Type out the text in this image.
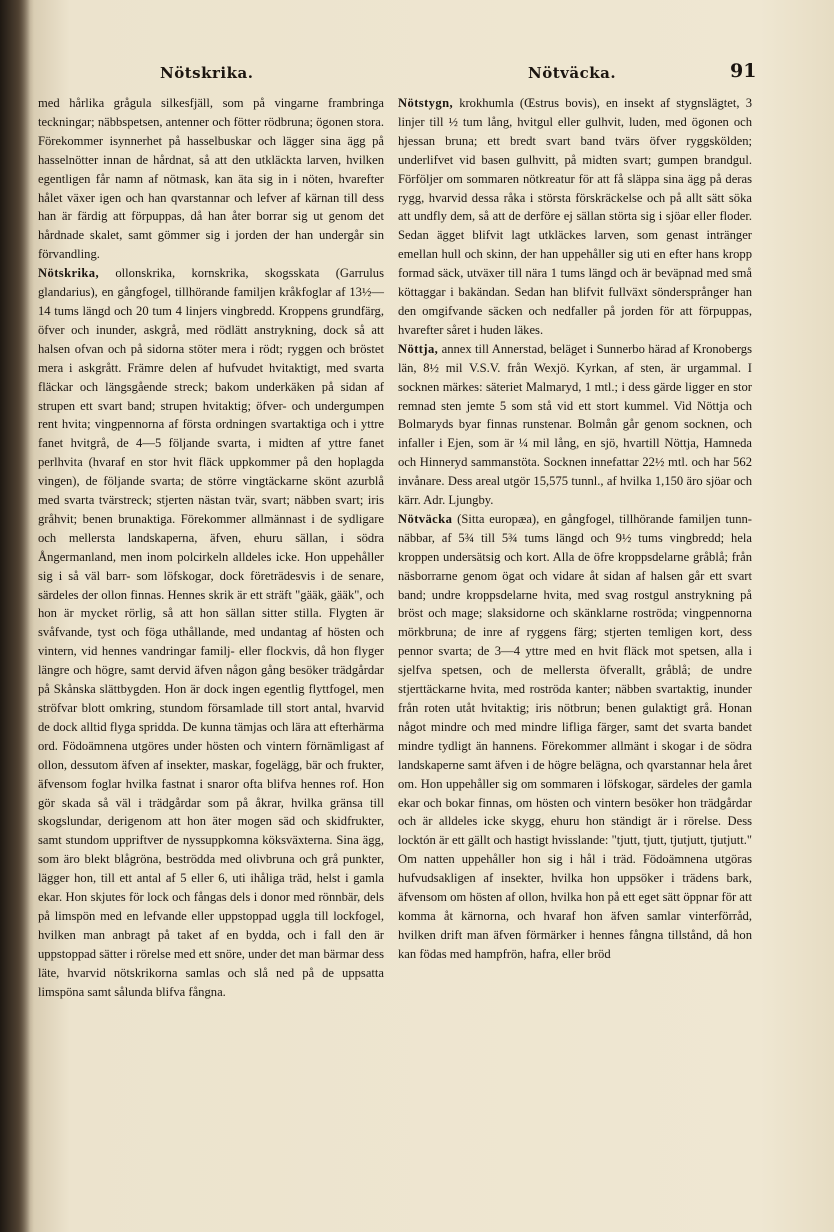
Nötskrika.	Nötväcka.	91

med hårlika grågula silkesfjäll, som på vingarne frambringa teckningar; näbbspetsen, antenner och fötter rödbruna; ögonen stora. Förekommer isynnerhet på hasselbuskar och lägger sina ägg på hasselnötter innan de hårdnat, så att den utkläckta larven, hvilken egentligen får namn af nötmask, kan äta sig in i nöten, hvarefter hålet växer igen och han qvarstannar och lefver af kärnan till dess han är färdig att förpuppas, då han åter borrar sig ut genom det hårdnade skalet, samt gömmer sig i jorden der han undergår sin förvandling.

Nötskrika, ollonskrika, kornskrika, skogsskata (Garrulus glandarius), en gångfogel, tillhörande familjen kråkfoglar af 13½—14 tums längd och 20 tum 4 linjers vingbredd. Kroppens grundfärg, öfver och inunder, askgrå, med rödlätt anstrykning, dock så att halsen ofvan och på sidorna stöter mera i rödt; ryggen och bröstet mera i askgrått. Främre delen af hufvudet hvitaktigt, med svarta fläckar och längsgående streck; bakom underkäken på sidan af strupen ett svart band; strupen hvitaktig; öfver- och undergumpen rent hvita; vingpennorna af första ordningen svartaktiga och i yttre fanet hvitgrå, de 4—5 följande svarta, i midten af yttre fanet perlhvita (hvaraf en stor hvit fläck uppkommer på den hoplagda vingen), de följande svarta; de större vingtäckarne skönt azurblå med svarta tvärstreck; stjerten nästan tvär, svart; näbben svart; iris gråhvit; benen brunaktiga. Förekommer allmännast i de sydligare och mellersta landskaperna, äfven, ehuru sällan, i södra Ångermanland, men inom polcirkeln alldeles icke. Hon uppehåller sig i så väl barr- som löfskogar, dock företrädesvis i de senare, särdeles der ollon finnas. Hennes skrik är ett sträft "gääk, gääk", och hon är mycket rörlig, så att hon sällan sitter stilla. Flygten är svåfvande, tyst och föga uthållande, med undantag af hösten och vintern, vid hennes vandringar familj- eller flockvis, då hon flyger längre och högre, samt dervid äfven någon gång besöker trädgårdar på Skånska slättbygden. Hon är dock ingen egentlig flyttfogel, men ströfvar blott omkring, stundom församlade till stort antal, hvarvid de dock alltid flyga spridda. De kunna tämjas och lära att efterhärma ord. Födoämnena utgöres under hösten och vintern förnämligast af ollon, dessutom äfven af insekter, maskar, fogelägg, bär och frukter, äfvensom foglar hvilka fastnat i snaror ofta blifva hennes rof. Hon gör skada så väl i trädgårdar som på åkrar, hvilka gränsa till skogslundar, derigenom att hon äter mogen säd och skidfrukter, samt stundom uppriftver de nyssuppkomna köksväxterna. Sina ägg, som äro blekt blågröna, beströdda med olivbruna och grå punkter, lägger hon, till ett antal af 5 eller 6, uti ihåliga träd, helst i gamla ekar. Hon skjutes för lock och fångas dels i donor med rönnbär, dels på limspön med en lefvande eller uppstoppad uggla till lockfogel, hvilken man anbragt på taket af en bydda, och i fall den är uppstoppad sätter i rörelse med ett snöre, under det man bärmar dess läte, hvarvid nötskrikorna samlas och slå ned på de uppsatta limspöna samt sålunda blifva fångna.

Nötstygn, krokhumla (Œstrus bovis), en insekt af stygnslägtet, 3 linjer till ½ tum lång, hvitgul eller gulhvit, luden, med ögonen och hjessan bruna; ett bredt svart band tvärs öfver ryggskölden; underlifvet vid basen gulhvitt, på midten svart; gumpen brandgul. Förföljer om sommaren nötkreatur för att få släppa sina ägg på deras rygg, hvarvid dessa råka i största förskräckelse och på allt sätt söka att undfly dem, så att de derföre ej sällan störta sig i sjöar eller floder. Sedan ägget blifvit lagt utkläckes larven, som genast intränger emellan hull och skinn, der han uppehåller sig uti en efter hans kropp formad säck, utväxer till nära 1 tums längd och är beväpnad med små köttaggar i bakändan. Sedan han blifvit fullväxt söndersprånger han den omgifvande säcken och nedfaller på jorden för att förpuppas, hvarefter såret i huden läkes.

Nöttja, annex till Annerstad, beläget i Sunnerbo härad af Kronobergs län, 8½ mil V.S.V. från Wexjö. Kyrkan, af sten, är urgammal. I socknen märkes: säteriet Malmaryd, 1 mtl.; i dess gärde ligger en stor remnad sten jemte 5 som stå vid ett stort kummel. Vid Nöttja och Bolmaryds byar finnas runstenar. Bolmån går genom socknen, och infaller i Ejen, som är ¼ mil lång, en sjö, hvartill Nöttja, Hamneda och Hinneryd sammanstöta. Socknen innefattar 22½ mtl. och har 562 invånare. Dess areal utgör 15,575 tunnl., af hvilka 1,150 äro sjöar och kärr. Adr. Ljungby.

Nötväcka (Sitta europæa), en gångfogel, tillhörande familjen tunn-näbbar, af 5¾ till 5¾ tums längd och 9½ tums vingbredd; hela kroppen undersätsig och kort. Alla de öfre kroppsdelarne gråblå; från näsborrarne genom ögat och vidare åt sidan af halsen går ett svart band; undre kroppsdelarne hvita, med svag rostgul anstrykning på bröst och mage; slaksidorne och skänklarne roströda; vingpennorna mörkbruna; de inre af ryggens färg; stjerten temligen kort, dess pennor svarta; de 3—4 yttre med en hvit fläck mot spetsen, alla i sjelfva spetsen, och de mellersta öfverallt, gråblå; de undre stjerttäckarne hvita, med roströda kanter; näbben svartaktig, inunder från roten utåt hvitaktig; iris nötbrun; benen gulaktigt grå. Honan något mindre och med mindre lifliga färger, samt det svarta bandet mindre tydligt än hannens. Förekommer allmänt i skogar i de södra landskaperne samt äfven i de högre belägna, och qvarstannar hela året om. Hon uppehåller sig om sommaren i löfskogar, särdeles der gamla ekar och bokar finnas, om hösten och vintern besöker hon trädgårdar och är alldeles icke skygg, ehuru hon ständigt är i rörelse. Dess locktón är ett gällt och hastigt hvisslande: "tjutt, tjutt, tjutjutt, tjutjutt." Om natten uppehåller hon sig i hål i träd. Födoämnena utgöras hufvudsakligen af insekter, hvilka hon uppsöker i trädens bark, äfvensom om hösten af ollon, hvilka hon på ett eget sätt öppnar för att komma åt kärnorna, och hvaraf hon äfven samlar vinterförråd, hvilken drift man äfven förmärker i hennes fångna tillstånd, då hon kan födas med hampfrön, hafra, eller bröd
